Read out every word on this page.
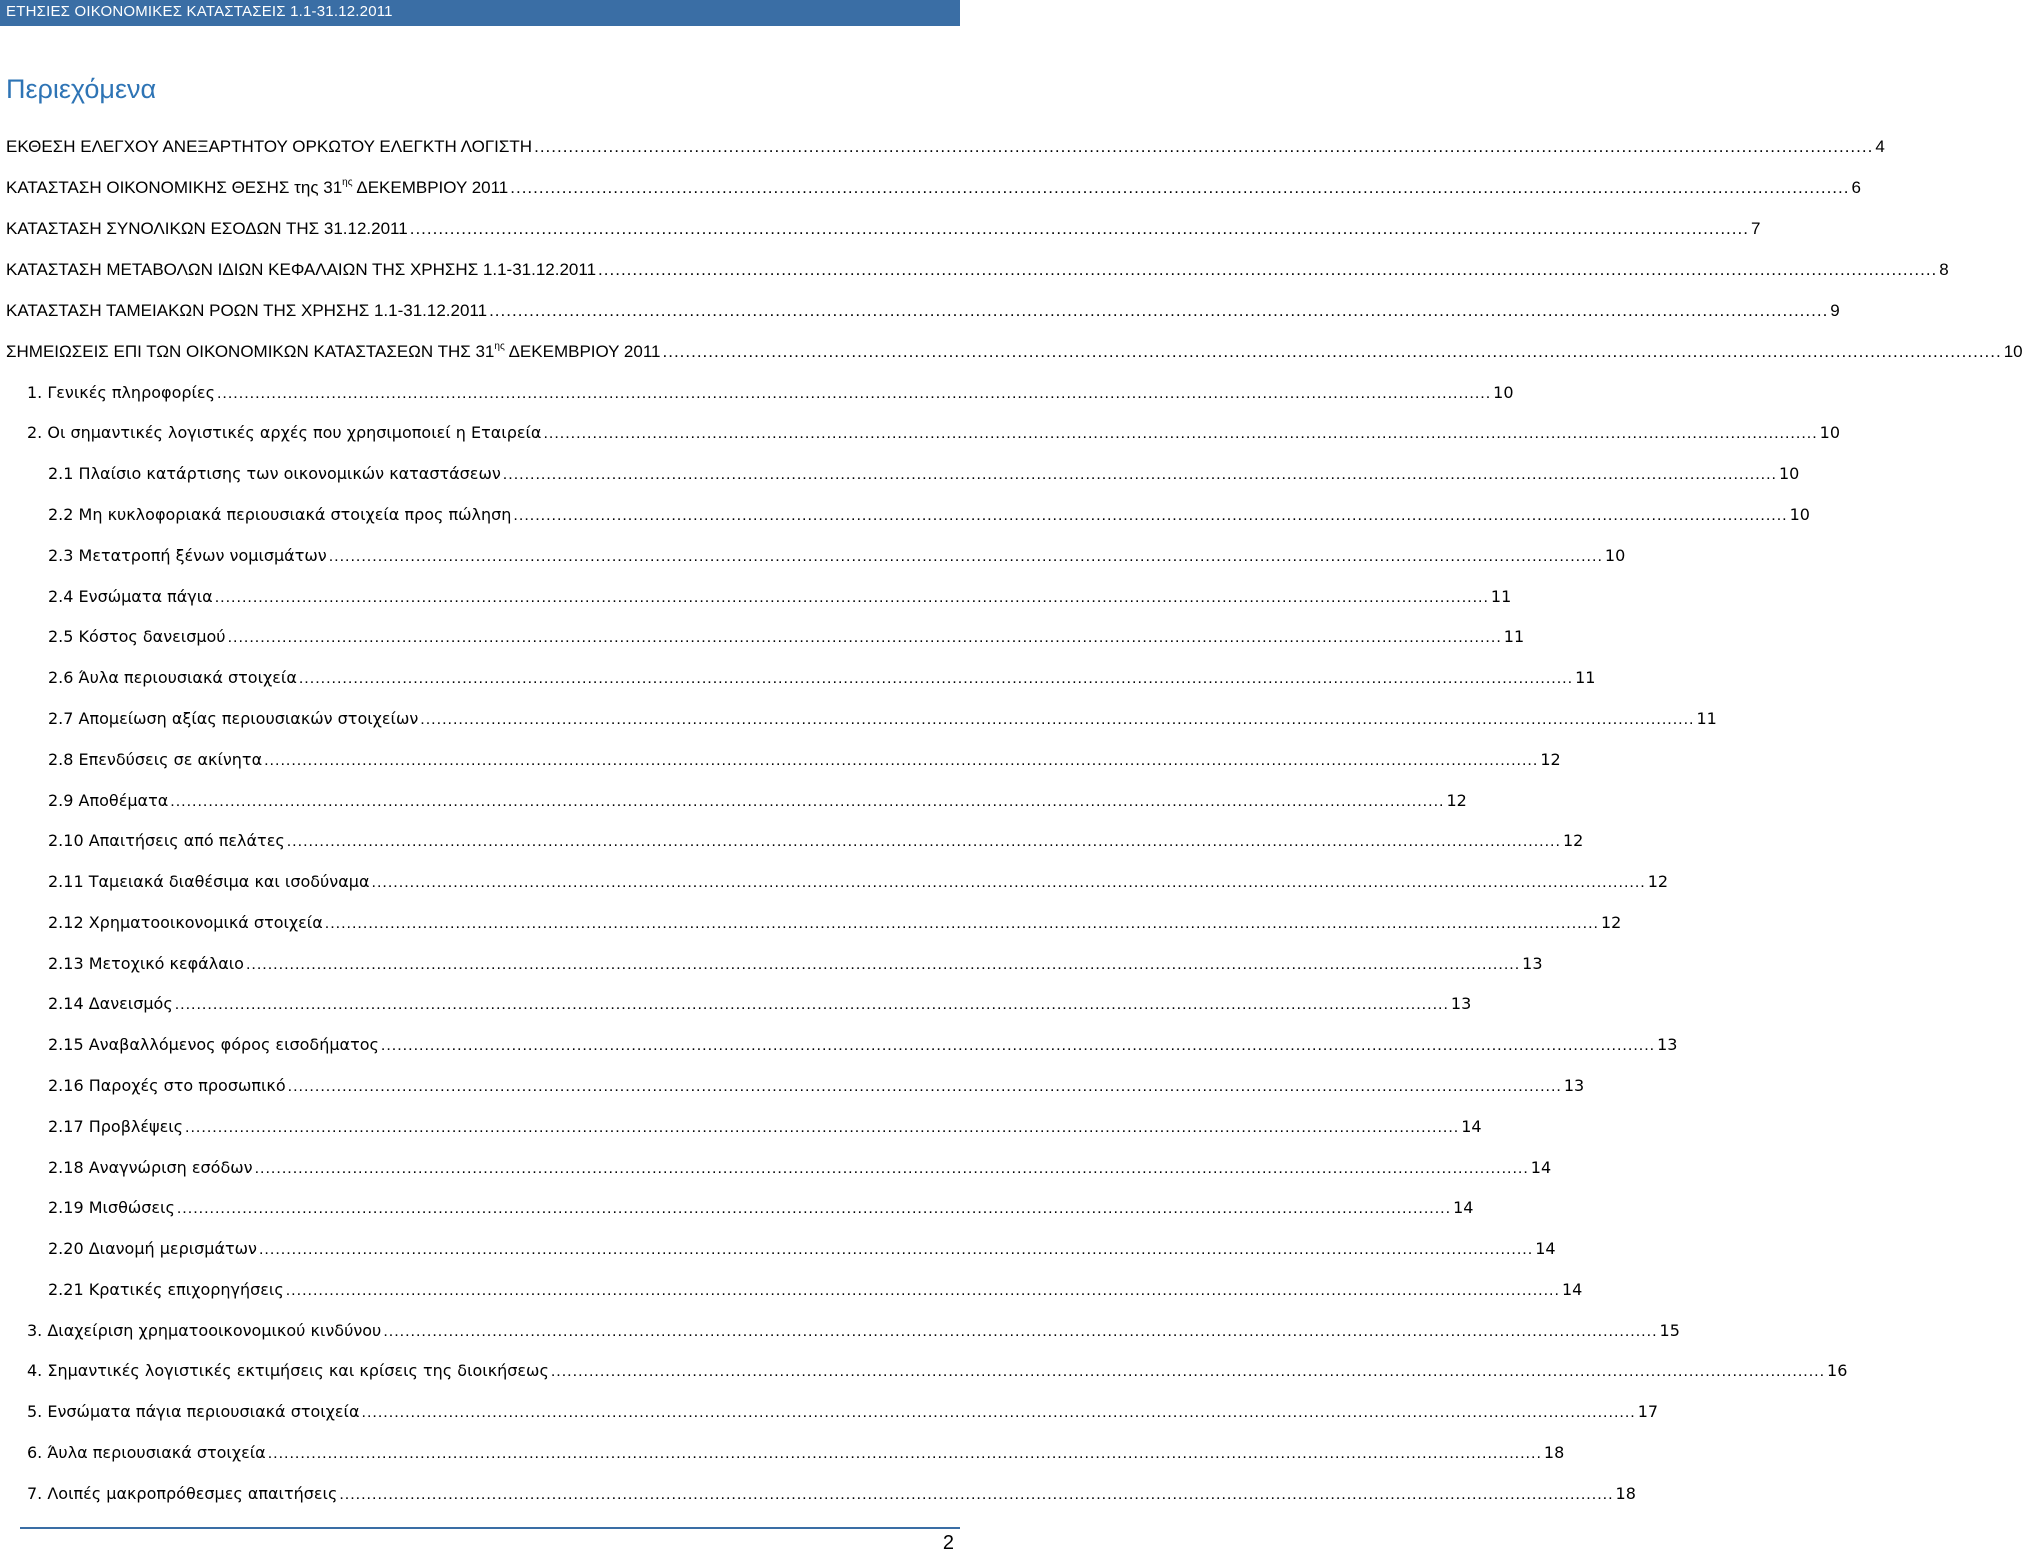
ΕΤΗΣΙΕΣ ΟΙΚΟΝΟΜΙΚΕΣ ΚΑΤΑΣΤΑΣΕΙΣ 1.1-31.12.2011
Περιεχόμενα
ΕΚΘΕΣΗ ΕΛΕΓΧΟΥ ΑΝΕΞΑΡΤΗΤΟΥ ΟΡΚΩΤΟΥ ΕΛΕΓΚΤΗ ΛΟΓΙΣΤΗ .......................................................................................................................................................................................................................................... 4
ΚΑΤΑΣΤΑΣΗ ΟΙΚΟΝΟΜΙΚΗΣ ΘΕΣΗΣ της $31^{\eta\varsigma}$ ΔΕΚΕΜΒΡΙΟΥ 2011 .......................................................................................................................................................................................................................................... 6
ΚΑΤΑΣΤΑΣΗ ΣΥΝΟΛΙΚΩΝ ΕΣΟΔΩΝ ΤΗΣ 31.12.2011 .......................................................................................................................................................................................................................................... 7
ΚΑΤΑΣΤΑΣΗ ΜΕΤΑΒΟΛΩΝ ΙΔΙΩΝ ΚΕΦΑΛΑΙΩΝ ΤΗΣ ΧΡΗΣΗΣ 1.1-31.12.2011 .......................................................................................................................................................................................................................................... 8
ΚΑΤΑΣΤΑΣΗ ΤΑΜΕΙΑΚΩΝ ΡΟΩΝ ΤΗΣ ΧΡΗΣΗΣ 1.1-31.12.2011 .......................................................................................................................................................................................................................................... 9
ΣΗΜΕΙΩΣΕΙΣ ΕΠΙ ΤΩΝ ΟΙΚΟΝΟΜΙΚΩΝ ΚΑΤΑΣΤΑΣΕΩΝ ΤΗΣ $31^{\eta\varsigma}$ ΔΕΚΕΜΒΡΙΟΥ 2011 .......................................................................................................................................................................................................................................... 10
1. Γενικές πληροφορίες .......................................................................................................................................................................................................................................... 10
2. Οι σημαντικές λογιστικές αρχές που χρησιμοποιεί η Εταιρεία .......................................................................................................................................................................................................................................... 10
2.1 Πλαίσιο κατάρτισης των οικονομικών καταστάσεων .......................................................................................................................................................................................................................................... 10
2.2 Μη κυκλοφοριακά περιουσιακά στοιχεία προς πώληση .......................................................................................................................................................................................................................................... 10
2.3 Μετατροπή ξένων νομισμάτων .......................................................................................................................................................................................................................................... 10
2.4 Ενσώματα πάγια .......................................................................................................................................................................................................................................... 11
2.5 Κόστος δανεισμού .......................................................................................................................................................................................................................................... 11
2.6 Άυλα περιουσιακά στοιχεία .......................................................................................................................................................................................................................................... 11
2.7 Απομείωση αξίας περιουσιακών στοιχείων .......................................................................................................................................................................................................................................... 11
2.8 Επενδύσεις σε ακίνητα .......................................................................................................................................................................................................................................... 12
2.9 Αποθέματα .......................................................................................................................................................................................................................................... 12
2.10 Απαιτήσεις από πελάτες .......................................................................................................................................................................................................................................... 12
2.11 Ταμειακά διαθέσιμα και ισοδύναμα .......................................................................................................................................................................................................................................... 12
2.12 Χρηματοοικονομικά στοιχεία .......................................................................................................................................................................................................................................... 12
2.13 Μετοχικό κεφάλαιο .......................................................................................................................................................................................................................................... 13
2.14 Δανεισμός .......................................................................................................................................................................................................................................... 13
2.15 Αναβαλλόμενος φόρος εισοδήματος .......................................................................................................................................................................................................................................... 13
2.16 Παροχές στο προσωπικό .......................................................................................................................................................................................................................................... 13
2.17 Προβλέψεις .......................................................................................................................................................................................................................................... 14
2.18 Αναγνώριση εσόδων .......................................................................................................................................................................................................................................... 14
2.19 Μισθώσεις .......................................................................................................................................................................................................................................... 14
2.20 Διανομή μερισμάτων .......................................................................................................................................................................................................................................... 14
2.21 Κρατικές επιχορηγήσεις .......................................................................................................................................................................................................................................... 14
3. Διαχείριση χρηματοοικονομικού κινδύνου .......................................................................................................................................................................................................................................... 15
4. Σημαντικές λογιστικές εκτιμήσεις και κρίσεις της διοικήσεως .......................................................................................................................................................................................................................................... 16
5. Ενσώματα πάγια περιουσιακά στοιχεία .......................................................................................................................................................................................................................................... 17
6. Άυλα περιουσιακά στοιχεία .......................................................................................................................................................................................................................................... 18
7. Λοιπές μακροπρόθεσμες απαιτήσεις .......................................................................................................................................................................................................................................... 18
2
